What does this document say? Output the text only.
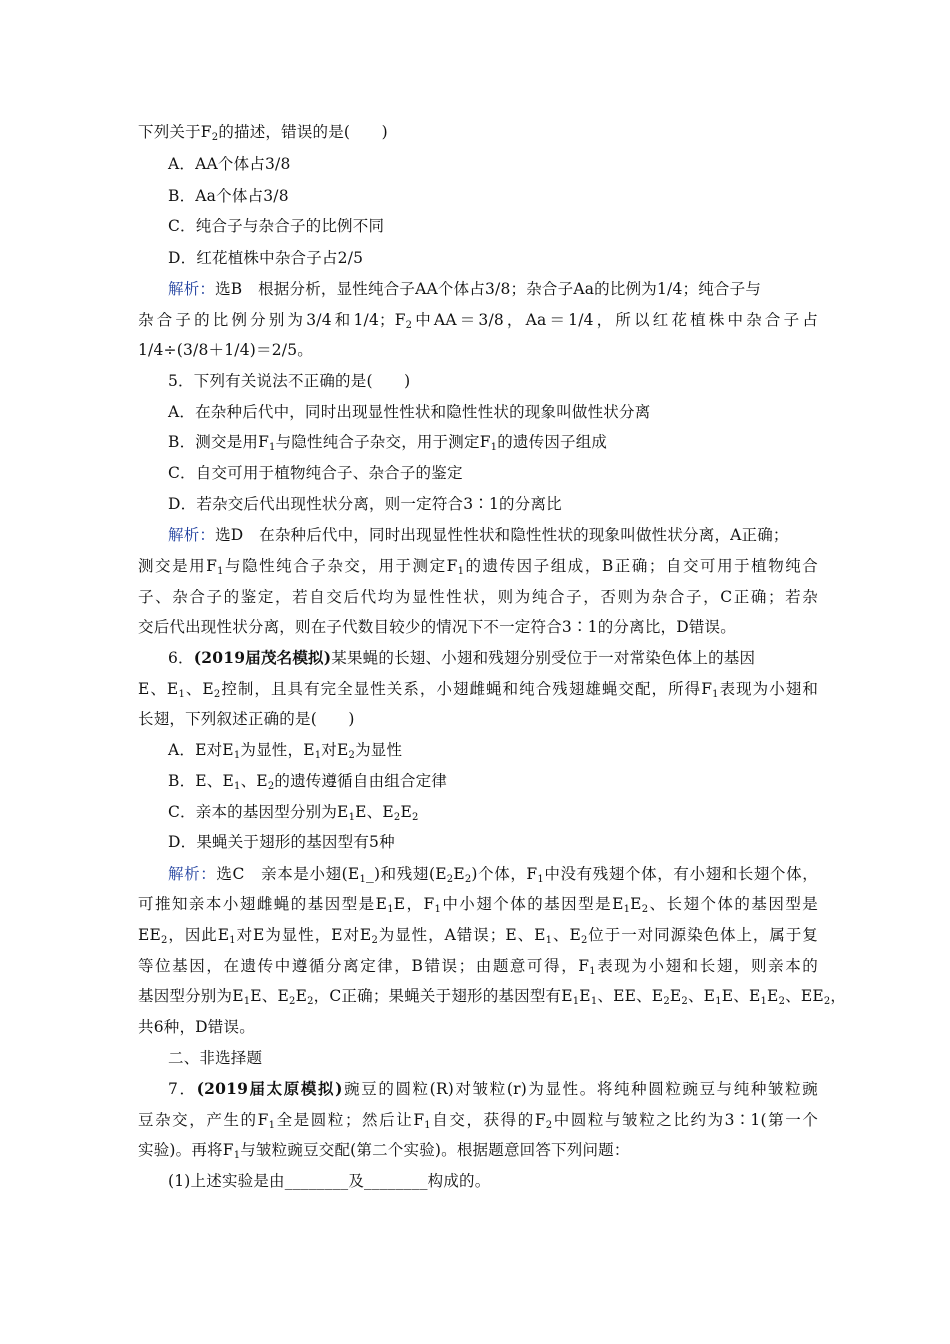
下列关于$F_2$的描述，错误的是(　　)
A．AA个体占3/8
B．Aa个体占3/8
C．纯合子与杂合子的比例不同
D．红花植株中杂合子占2/5
解析：选B　根据分析，显性纯合子AA个体占3/8；杂合子Aa的比例为1/4；纯合子与
杂合子的比例分别为3/4和1/4；$F_2$中AA＝3/8，Aa＝1/4，所以红花植株中杂合子占
1/4÷(3/8＋1/4)＝2/5。
5．下列有关说法不正确的是(　　)
A．在杂种后代中，同时出现显性性状和隐性性状的现象叫做性状分离
B．测交是用$F_1$与隐性纯合子杂交，用于测定$F_1$的遗传因子组成
C．自交可用于植物纯合子、杂合子的鉴定
D．若杂交后代出现性状分离，则一定符合3∶1的分离比
解析：选D　在杂种后代中，同时出现显性性状和隐性性状的现象叫做性状分离，A正确；
测交是用$F_1$与隐性纯合子杂交，用于测定$F_1$的遗传因子组成，B正确；自交可用于植物纯合
子、杂合子的鉴定，若自交后代均为显性性状，则为纯合子，否则为杂合子，C正确；若杂
交后代出现性状分离，则在子代数目较少的情况下不一定符合3∶1的分离比，D错误。
6．(2019届茂名模拟)某果蝇的长翅、小翅和残翅分别受位于一对常染色体上的基因
E、$E_1$、$E_2$控制，且具有完全显性关系，小翅雌蝇和纯合残翅雄蝇交配，所得$F_1$表现为小翅和
长翅，下列叙述正确的是(　　)
A．E对$E_1$为显性，$E_1$对$E_2$为显性
B．E、$E_1$、$E_2$的遗传遵循自由组合定律
C．亲本的基因型分别为$E_1E$、$E_2E_2$
D．果蝇关于翅形的基因型有5种
解析：选C　亲本是小翅$(E_1\_)$和残翅$(E_2E_2)$个体，$F_1$中没有残翅个体，有小翅和长翅个体，
可推知亲本小翅雌蝇的基因型是$E_1E$，$F_1$中小翅个体的基因型是$E_1E_2$、长翅个体的基因型是
$EE_2$，因此$E_1$对E为显性，E对$E_2$为显性，A错误；E、$E_1$、$E_2$位于一对同源染色体上，属于复
等位基因，在遗传中遵循分离定律，B错误；由题意可得，$F_1$表现为小翅和长翅，则亲本的
基因型分别为$E_1E$、$E_2E_2$，C正确；果蝇关于翅形的基因型有$E_1E_1$、EE、$E_2E_2$、$E_1E$、$E_1E_2$、$EE_2$，
共6种，D错误。
二、非选择题
7．(2019届太原模拟)豌豆的圆粒(R)对皱粒(r)为显性。将纯种圆粒豌豆与纯种皱粒豌
豆杂交，产生的$F_1$全是圆粒；然后让$F_1$自交，获得的$F_2$中圆粒与皱粒之比约为3∶1(第一个
实验)。再将$F_1$与皱粒豌豆交配(第二个实验)。根据题意回答下列问题：
(1)上述实验是由________及________构成的。
